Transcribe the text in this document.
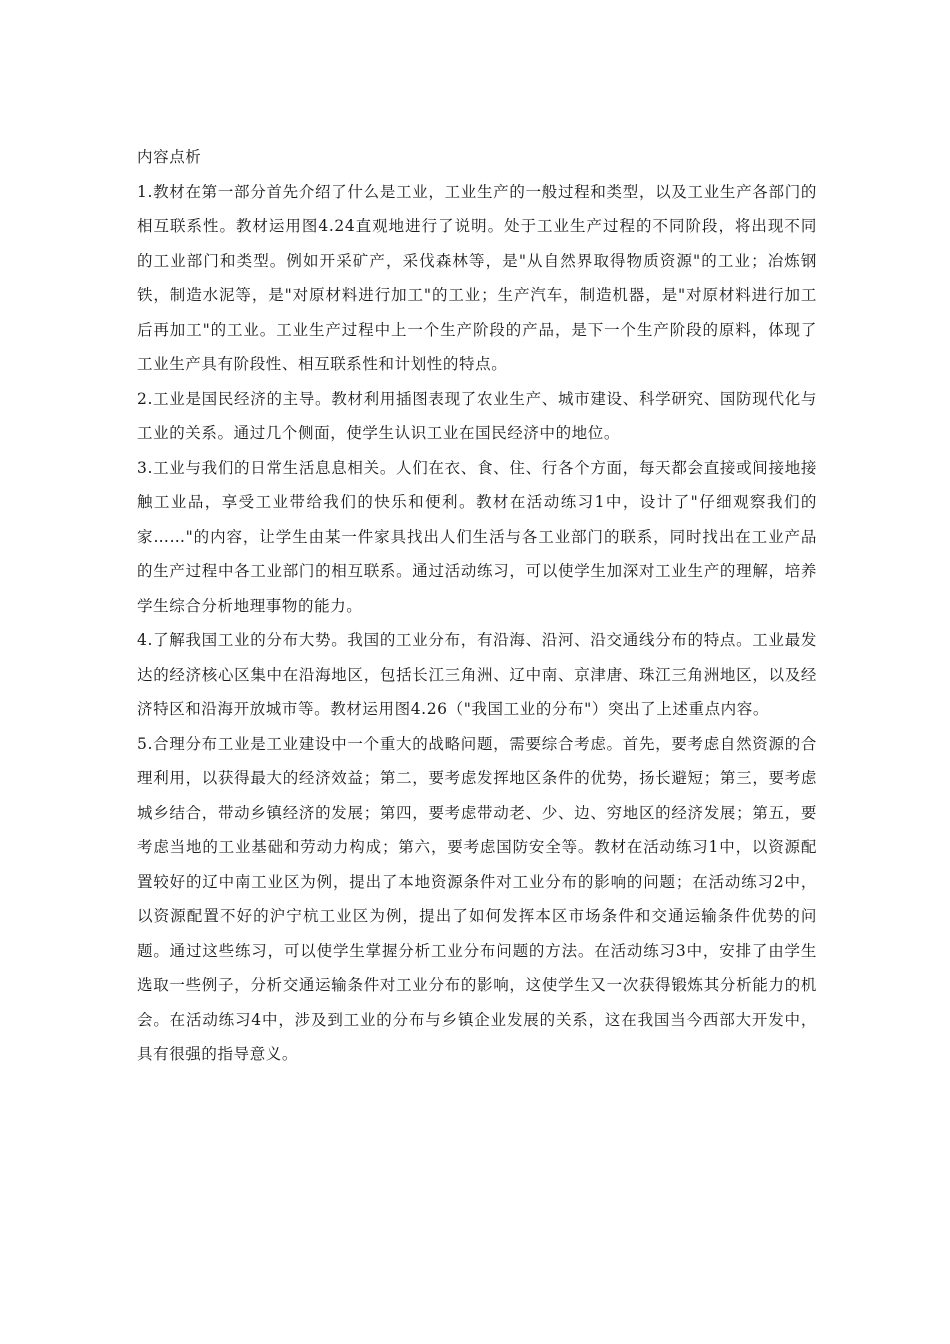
内容点析

1.教材在第一部分首先介绍了什么是工业，工业生产的一般过程和类型，以及工业生产各部门的相互联系性。教材运用图4.24直观地进行了说明。处于工业生产过程的不同阶段，将出现不同的工业部门和类型。例如开采矿产，采伐森林等，是"从自然界取得物质资源"的工业；冶炼钢铁，制造水泥等，是"对原材料进行加工"的工业；生产汽车，制造机器，是"对原材料进行加工后再加工"的工业。工业生产过程中上一个生产阶段的产品，是下一个生产阶段的原料，体现了工业生产具有阶段性、相互联系性和计划性的特点。

2.工业是国民经济的主导。教材利用插图表现了农业生产、城市建设、科学研究、国防现代化与工业的关系。通过几个侧面，使学生认识工业在国民经济中的地位。

3.工业与我们的日常生活息息相关。人们在衣、食、住、行各个方面，每天都会直接或间接地接触工业品，享受工业带给我们的快乐和便利。教材在活动练习1中，设计了"仔细观察我们的家……"的内容，让学生由某一件家具找出人们生活与各工业部门的联系，同时找出在工业产品的生产过程中各工业部门的相互联系。通过活动练习，可以使学生加深对工业生产的理解，培养学生综合分析地理事物的能力。

4.了解我国工业的分布大势。我国的工业分布，有沿海、沿河、沿交通线分布的特点。工业最发达的经济核心区集中在沿海地区，包括长江三角洲、辽中南、京津唐、珠江三角洲地区，以及经济特区和沿海开放城市等。教材运用图4.26（"我国工业的分布"）突出了上述重点内容。

5.合理分布工业是工业建设中一个重大的战略问题，需要综合考虑。首先，要考虑自然资源的合理利用，以获得最大的经济效益；第二，要考虑发挥地区条件的优势，扬长避短；第三，要考虑城乡结合，带动乡镇经济的发展；第四，要考虑带动老、少、边、穷地区的经济发展；第五，要考虑当地的工业基础和劳动力构成；第六，要考虑国防安全等。教材在活动练习1中，以资源配置较好的辽中南工业区为例，提出了本地资源条件对工业分布的影响的问题；在活动练习2中，以资源配置不好的沪宁杭工业区为例，提出了如何发挥本区市场条件和交通运输条件优势的问题。通过这些练习，可以使学生掌握分析工业分布问题的方法。在活动练习3中，安排了由学生选取一些例子，分析交通运输条件对工业分布的影响，这使学生又一次获得锻炼其分析能力的机会。在活动练习4中，涉及到工业的分布与乡镇企业发展的关系，这在我国当今西部大开发中，具有很强的指导意义。
